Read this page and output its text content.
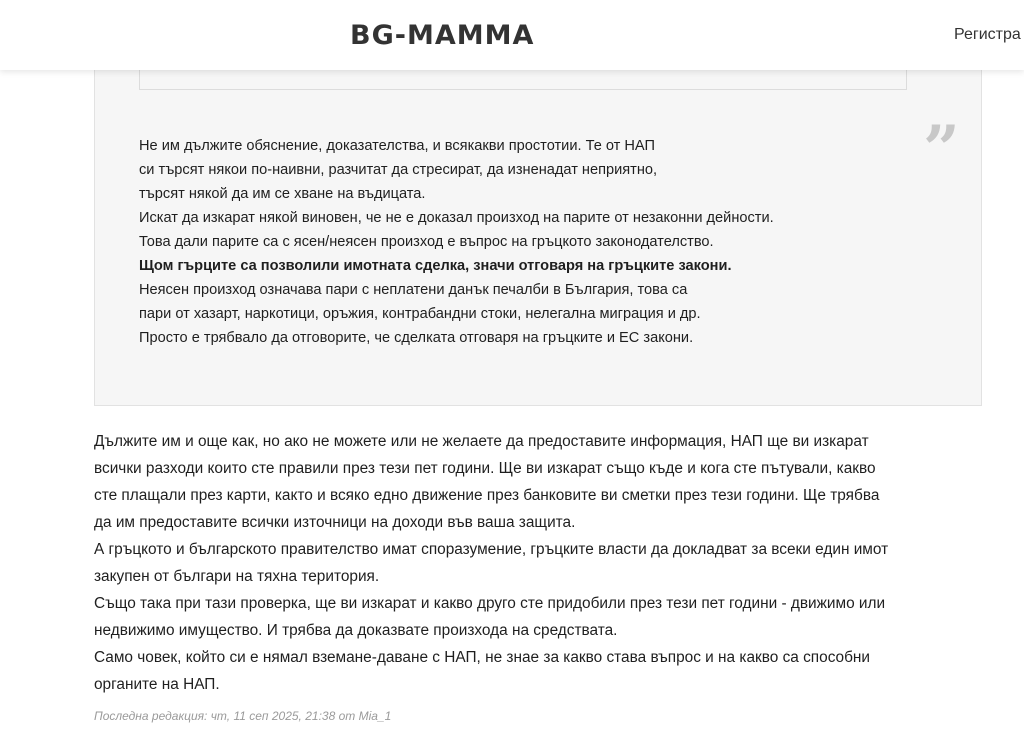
BG-MAMMA	Регистра
”
Не им дължите обяснение, доказателства, и всякакви простотии. Те от НАП
си търсят някои по-наивни, разчитат да стресират, да изненадат неприятно,
търсят някой да им се хване на въдицата.
Искат да изкарат някой виновен, че не е доказал произход на парите от незаконни дейности.
Това дали парите са с ясен/неясен произход е въпрос на гръцкото законодателство.
Щом гърците са позволили имотната сделка, значи отговаря на гръцките закони.
Неясен произход означава пари с неплатени данък печалби в България, това са
пари от хазарт, наркотици, оръжия, контрабандни стоки, нелегална миграция и др.
Просто е трябвало да отговорите, че сделката отговаря на гръцките и ЕС закони.
Дължите им и още как, но ако не можете или не желаете да предоставите информация, НАП ще ви изкарат
всички разходи които сте правили през тези пет години. Ще ви изкарат също къде и кога сте пътували, какво
сте плащали през карти, както и всяко едно движение през банковите ви сметки през тези години. Ще трябва
да им предоставите всички източници на доходи във ваша защита.
А гръцкото и българското правителство имат споразумение, гръцките власти да докладват за всеки един имот
закупен от българи на тяхна територия.
Също така при тази проверка, ще ви изкарат и какво друго сте придобили през тези пет години - движимо или
недвижимо имущество. И трябва да доказвате произхода на средствата.
Само човек, който си е нямал вземане-даване с НАП, не знае за какво става въпрос и на какво са способни
органите на НАП.
Последна редакция: чт, 11 сеп 2025, 21:38 от Mia_1
